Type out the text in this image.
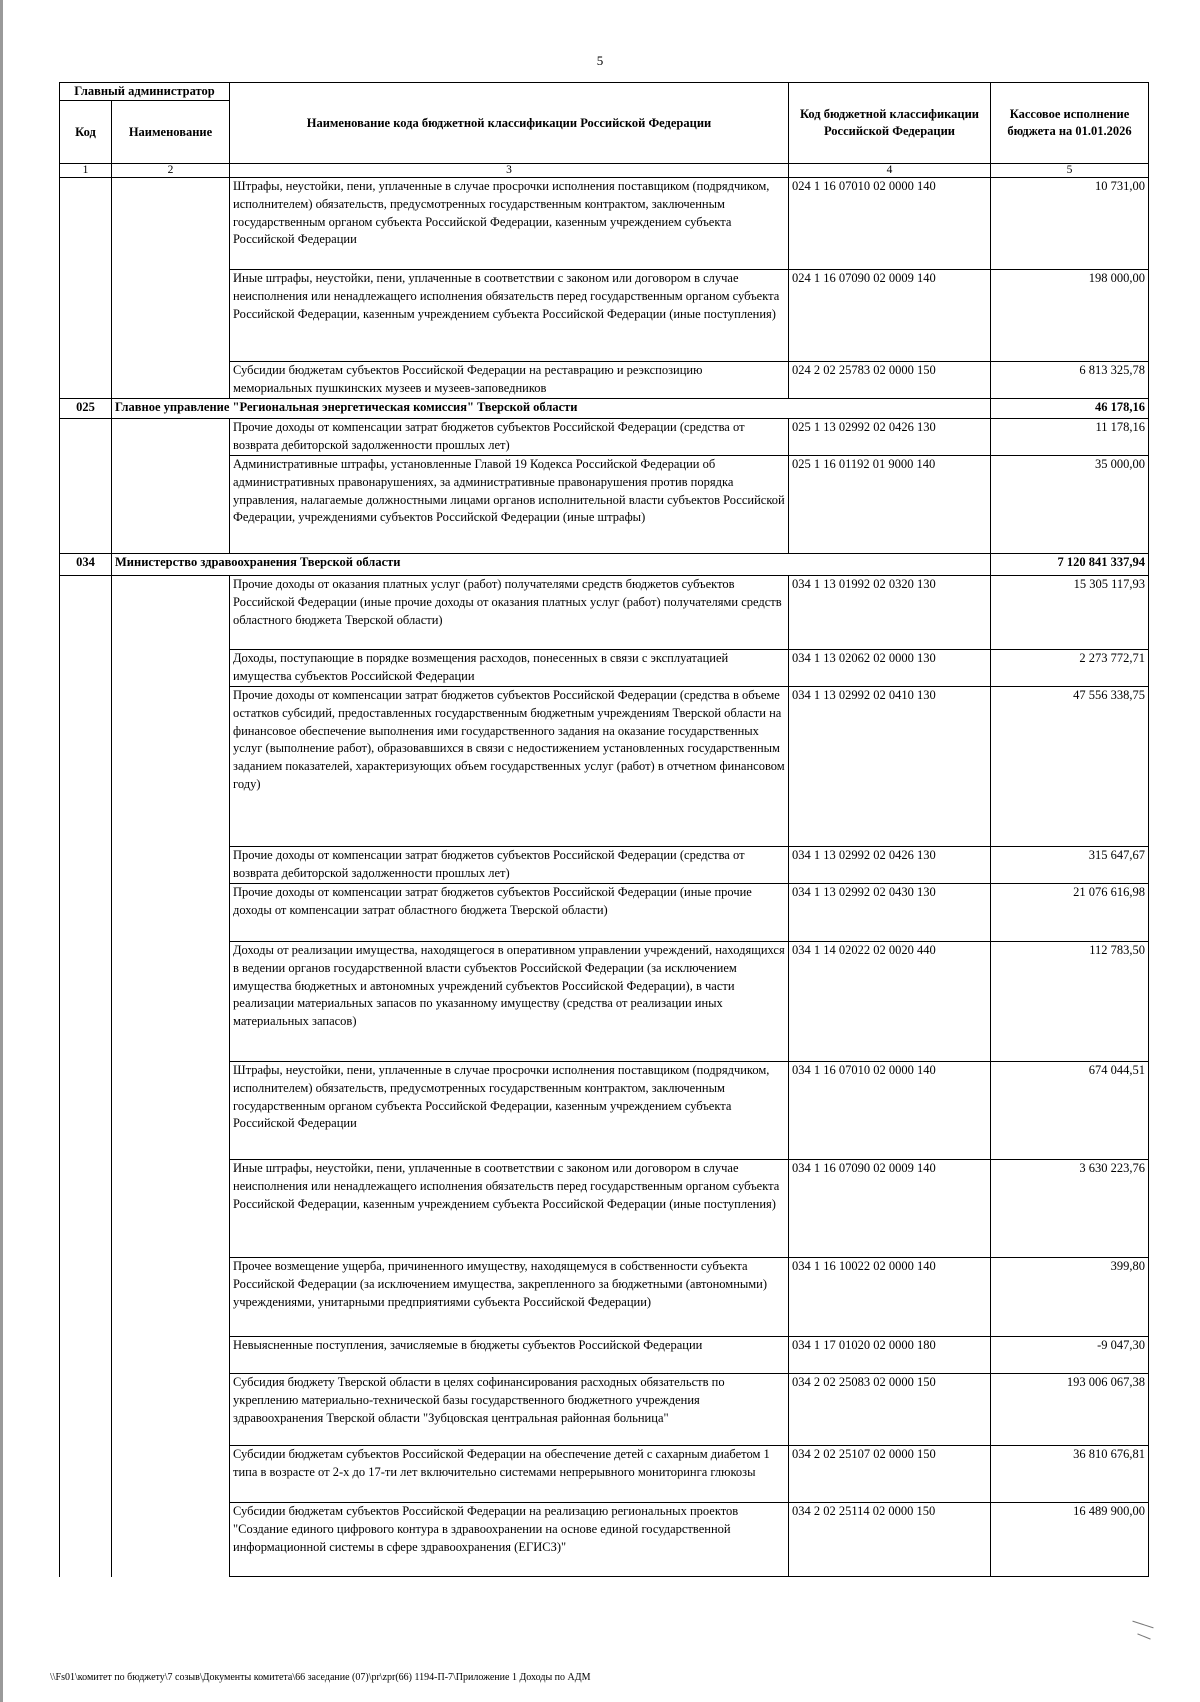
5
Главный администратор		Наименование кода бюджетной классификации Российской Федерации	Код бюджетной классификации Российской Федерации	Кассовое исполнение бюджета на 01.01.2026
Код	Наименование			
1	2	3	4	5
		Штрафы, неустойки, пени, уплаченные в случае просрочки исполнения поставщиком (подрядчиком, исполнителем) обязательств, предусмотренных государственным контрактом, заключенным государственным органом субъекта Российской Федерации, казенным учреждением субъекта Российской Федерации	024 1 16 07010 02 0000 140	10 731,00
		Иные штрафы, неустойки, пени, уплаченные в соответствии с законом или договором в случае неисполнения или ненадлежащего исполнения обязательств перед государственным органом субъекта Российской Федерации, казенным учреждением субъекта Российской Федерации (иные поступления)	024 1 16 07090 02 0009 140	198 000,00
		Субсидии бюджетам субъектов Российской Федерации на реставрацию и реэкспозицию мемориальных пушкинских музеев и музеев-заповедников	024 2 02 25783 02 0000 150	6 813 325,78
025	Главное управление "Региональная энергетическая комиссия" Тверской области			46 178,16
		Прочие доходы от компенсации затрат бюджетов субъектов Российской Федерации (средства от возврата дебиторской задолженности прошлых лет)	025 1 13 02992 02 0426 130	11 178,16
		Административные штрафы, установленные Главой 19 Кодекса Российской Федерации об административных правонарушениях, за административные правонарушения против порядка управления, налагаемые должностными лицами органов исполнительной власти субъектов Российской Федерации, учреждениями субъектов Российской Федерации (иные штрафы)	025 1 16 01192 01 9000 140	35 000,00
034	Министерство здравоохранения Тверской области			7 120 841 337,94
		Прочие доходы от оказания платных услуг (работ) получателями средств бюджетов субъектов Российской Федерации (иные прочие доходы от оказания платных услуг (работ) получателями средств областного бюджета Тверской области)	034 1 13 01992 02 0320 130	15 305 117,93
		Доходы, поступающие в порядке возмещения расходов, понесенных в связи с эксплуатацией имущества субъектов Российской Федерации	034 1 13 02062 02 0000 130	2 273 772,71
		Прочие доходы от компенсации затрат бюджетов субъектов Российской Федерации (средства в объеме остатков субсидий, предоставленных государственным бюджетным учреждениям Тверской области на финансовое обеспечение выполнения ими государственного задания на оказание государственных услуг (выполнение работ), образовавшихся в связи с недостижением установленных государственным заданием показателей, характеризующих объем государственных услуг (работ) в отчетном финансовом году)	034 1 13 02992 02 0410 130	47 556 338,75
		Прочие доходы от компенсации затрат бюджетов субъектов Российской Федерации (средства от возврата дебиторской задолженности прошлых лет)	034 1 13 02992 02 0426 130	315 647,67
		Прочие доходы от компенсации затрат бюджетов субъектов Российской Федерации (иные прочие доходы от компенсации затрат областного бюджета Тверской области)	034 1 13 02992 02 0430 130	21 076 616,98
		Доходы от реализации имущества, находящегося в оперативном управлении учреждений, находящихся в ведении органов государственной власти субъектов Российской Федерации (за исключением имущества бюджетных и автономных учреждений субъектов Российской Федерации), в части реализации материальных запасов по указанному имуществу (средства от реализации иных материальных запасов)	034 1 14 02022 02 0020 440	112 783,50
		Штрафы, неустойки, пени, уплаченные в случае просрочки исполнения поставщиком (подрядчиком, исполнителем) обязательств, предусмотренных государственным контрактом, заключенным государственным органом субъекта Российской Федерации, казенным учреждением субъекта Российской Федерации	034 1 16 07010 02 0000 140	674 044,51
		Иные штрафы, неустойки, пени, уплаченные в соответствии с законом или договором в случае неисполнения или ненадлежащего исполнения обязательств перед государственным органом субъекта Российской Федерации, казенным учреждением субъекта Российской Федерации (иные поступления)	034 1 16 07090 02 0009 140	3 630 223,76
		Прочее возмещение ущерба, причиненного имуществу, находящемуся в собственности субъекта Российской Федерации (за исключением имущества, закрепленного за бюджетными (автономными) учреждениями, унитарными предприятиями субъекта Российской Федерации)	034 1 16 10022 02 0000 140	399,80
		Невыясненные поступления, зачисляемые в бюджеты субъектов Российской Федерации	034 1 17 01020 02 0000 180	-9 047,30
		Субсидия бюджету Тверской области в целях софинансирования расходных обязательств по укреплению материально-технической базы государственного бюджетного учреждения здравоохранения Тверской области "Зубцовская центральная районная больница"	034 2 02 25083 02 0000 150	193 006 067,38
		Субсидии бюджетам субъектов Российской Федерации на обеспечение детей с сахарным диабетом 1 типа в возрасте от 2-х до 17-ти лет включительно системами непрерывного мониторинга глюкозы	034 2 02 25107 02 0000 150	36 810 676,81
		Субсидии бюджетам субъектов Российской Федерации на реализацию региональных проектов "Создание единого цифрового контура в здравоохранении на основе единой государственной информационной системы в сфере здравоохранения (ЕГИСЗ)"	034 2 02 25114 02 0000 150	16 489 900,00
\\Fs01\комитет по бюджету\7 созыв\Документы комитета\66 заседание (07)\pr\zpr(66) 1194-П-7\Приложение 1 Доходы по АДМ
